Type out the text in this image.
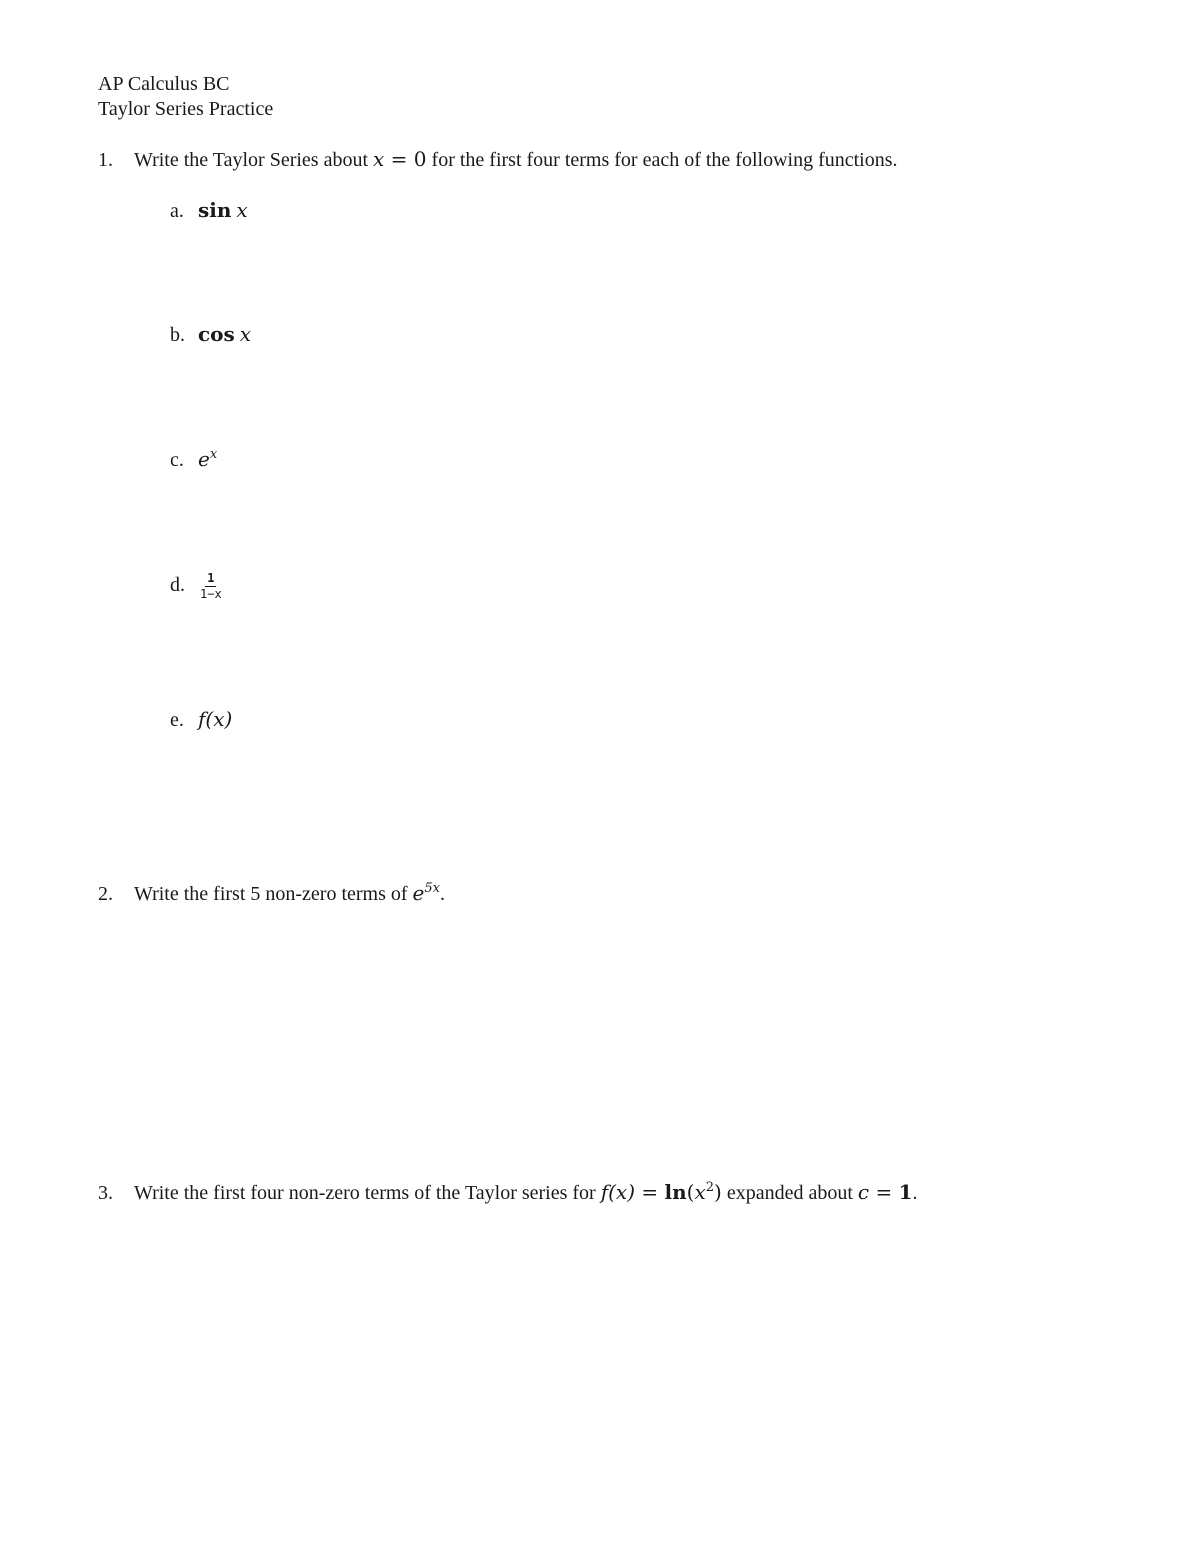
AP Calculus BC
Taylor Series Practice
1. Write the Taylor Series about x = 0 for the first four terms for each of the following functions.
a. sin x
b. cos x
c. $e^x$
d. $\frac{1}{1-x}$
e. f(x)
2. Write the first 5 non-zero terms of $e^{5x}$.
3. Write the first four non-zero terms of the Taylor series for $f(x) = \ln(x^2)$ expanded about c = 1.
